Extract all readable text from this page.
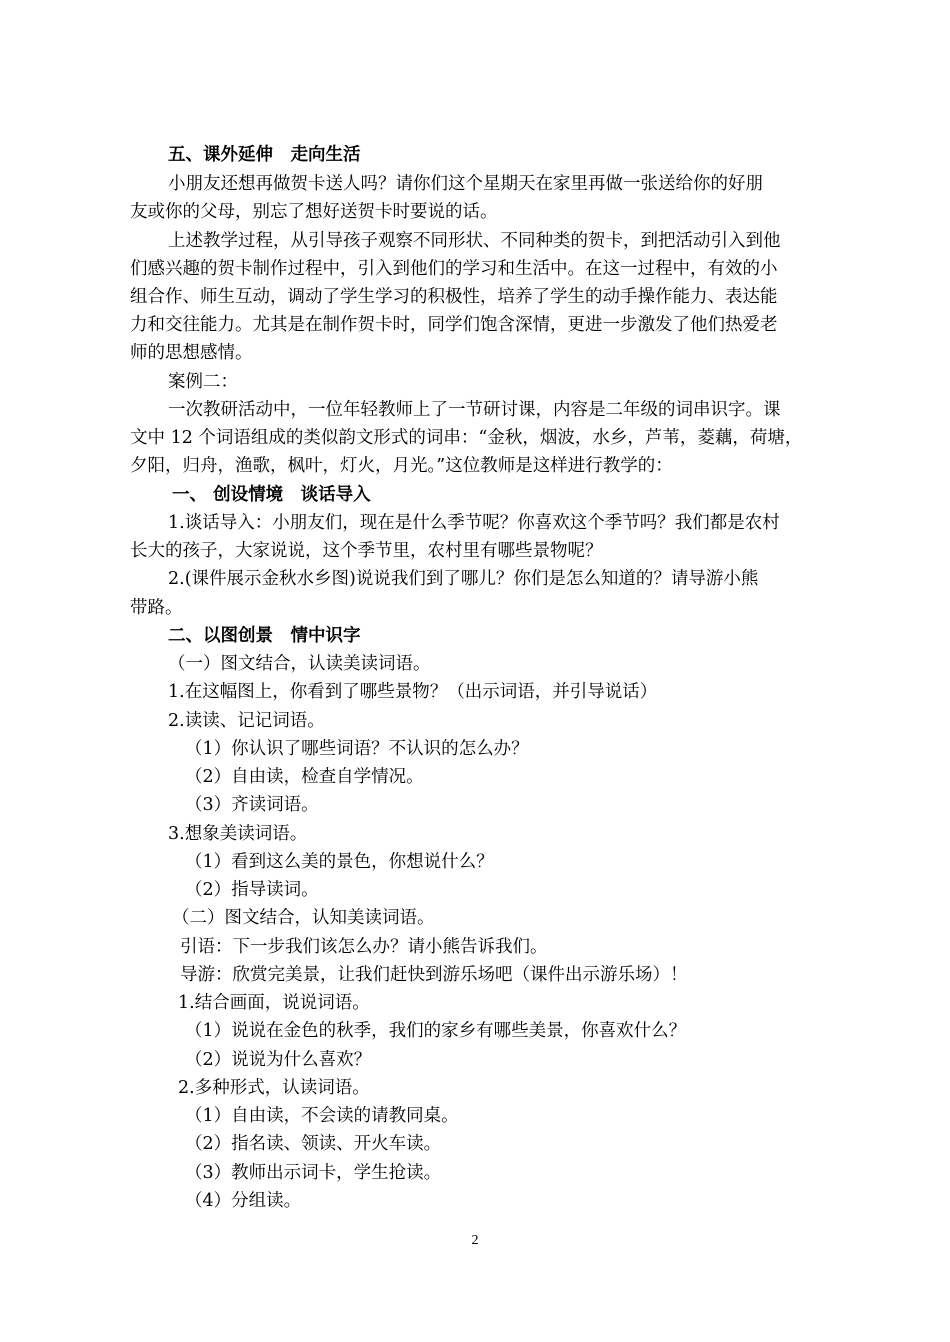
五、课外延伸　走向生活
小朋友还想再做贺卡送人吗？请你们这个星期天在家里再做一张送给你的好朋
友或你的父母，别忘了想好送贺卡时要说的话。
上述教学过程，从引导孩子观察不同形状、不同种类的贺卡，到把活动引入到他
们感兴趣的贺卡制作过程中，引入到他们的学习和生活中。在这一过程中，有效的小
组合作、师生互动，调动了学生学习的积极性，培养了学生的动手操作能力、表达能
力和交往能力。尤其是在制作贺卡时，同学们饱含深情，更进一步激发了他们热爱老
师的思想感情。
案例二：
一次教研活动中，一位年轻教师上了一节研讨课，内容是二年级的词串识字。课
文中 12 个词语组成的类似韵文形式的词串：“金秋，烟波，水乡，芦苇，菱藕，荷塘，
夕阳，归舟，渔歌，枫叶，灯火，月光。”这位教师是这样进行教学的：
一、 创设情境　谈话导入
1.谈话导入：小朋友们，现在是什么季节呢？你喜欢这个季节吗？我们都是农村
长大的孩子，大家说说，这个季节里，农村里有哪些景物呢？
2.(课件展示金秋水乡图)说说我们到了哪儿？你们是怎么知道的？请导游小熊
带路。
二、以图创景　情中识字
（一）图文结合，认读美读词语。
1.在这幅图上，你看到了哪些景物？（出示词语，并引导说话）
2.读读、记记词语。
（1）你认识了哪些词语？不认识的怎么办？
（2）自由读，检查自学情况。
（3）齐读词语。
3.想象美读词语。
（1）看到这么美的景色，你想说什么？
（2）指导读词。
（二）图文结合，认知美读词语。
引语：下一步我们该怎么办？请小熊告诉我们。
导游：欣赏完美景，让我们赶快到游乐场吧（课件出示游乐场）！
1.结合画面，说说词语。
（1）说说在金色的秋季，我们的家乡有哪些美景，你喜欢什么？
（2）说说为什么喜欢？
2.多种形式，认读词语。
（1）自由读，不会读的请教同桌。
（2）指名读、领读、开火车读。
（3）教师出示词卡，学生抢读。
（4）分组读。
2
